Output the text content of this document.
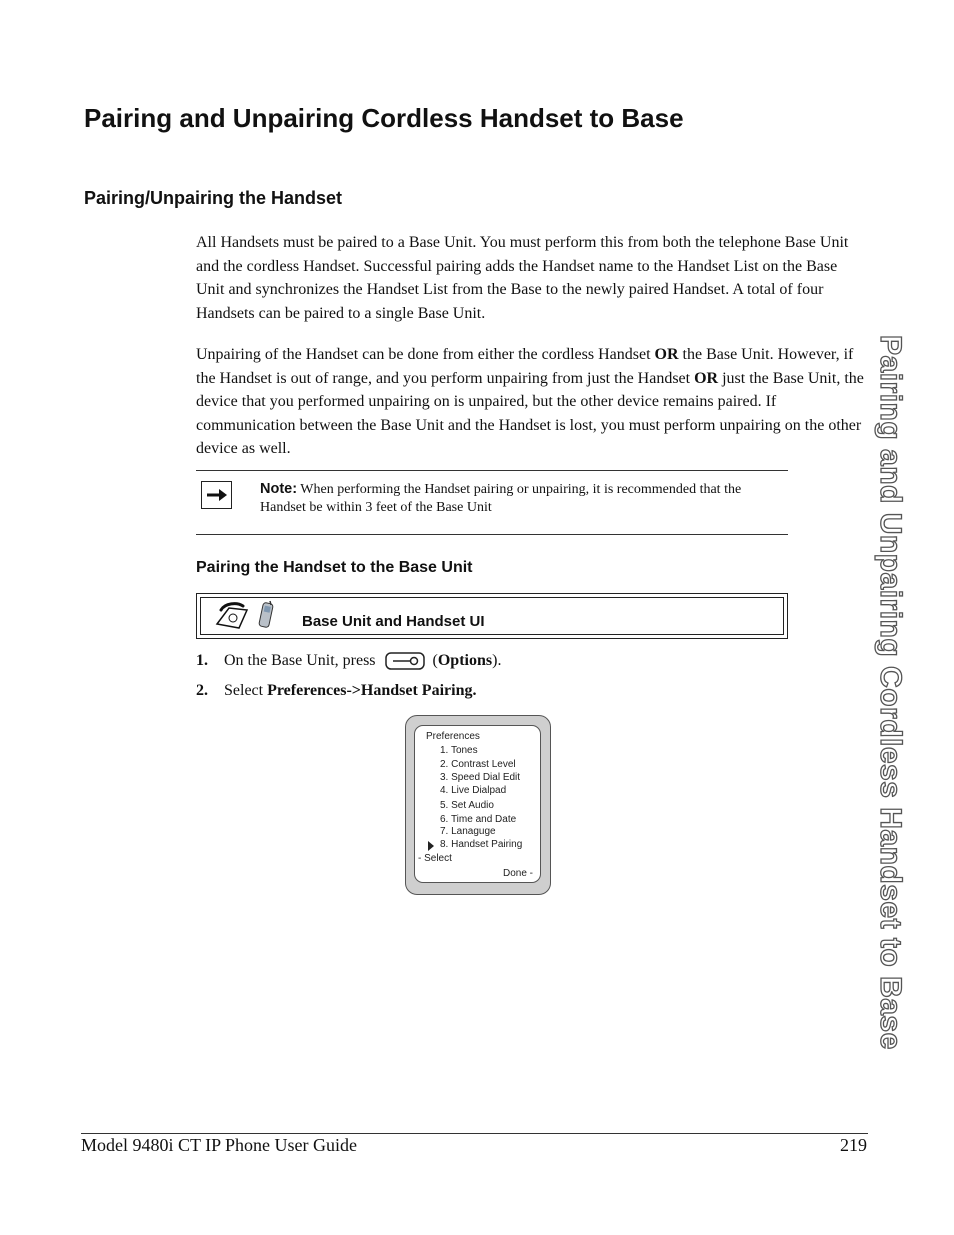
Pairing and Unpairing Cordless Handset to Base
Pairing/Unpairing the Handset

All Handsets must be paired to a Base Unit. You must perform this from both the telephone Base Unit and the cordless Handset. Successful pairing adds the Handset name to the Handset List on the Base Unit and synchronizes the Handset List from the Base to the newly paired Handset. A total of four Handsets can be paired to a single Base Unit.

Unpairing of the Handset can be done from either the cordless Handset OR the Base Unit. However, if the Handset is out of range, and you perform unpairing from just the Handset OR just the Base Unit, the device that you performed unpairing on is unpaired, but the other device remains paired. If communication between the Base Unit and the Handset is lost, you must perform unpairing on the other device as well.

Note: When performing the Handset pairing or unpairing, it is recommended that the Handset be within 3 feet of the Base Unit
Pairing the Handset to the Base Unit
Base Unit and Handset UI
1.	On the Base Unit, press	( Options ).
2.	Select Preferences->Handset Pairing.
Preferences
1. Tones
2. Contrast Level
3. Speed Dial Edit
4. Live Dialpad
5. Set Audio
6. Time and Date
7. Lanaguge
8. Handset Pairing
- Select
Done -	Pairing and Unpairing Cordless Handset to Base
Model 9480i CT IP Phone User Guide	219
